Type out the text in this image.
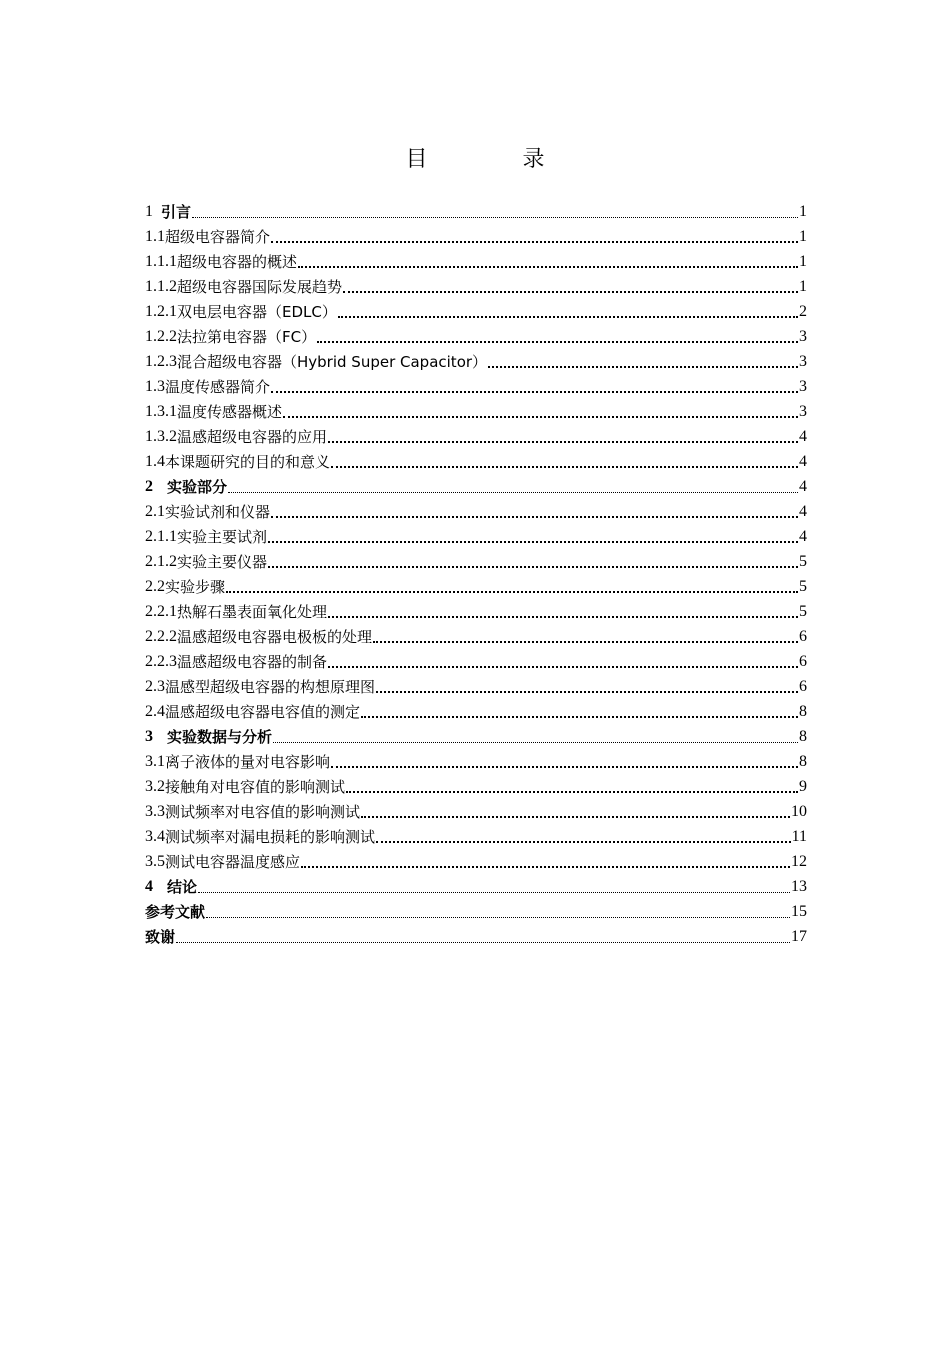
目 录
1 引言	1
1.1 超级电容器简介	1
1.1.1 超级电容器的概述	1
1.1.2 超级电容器国际发展趋势	1
1.2.1 双电层电容器（EDLC）	2
1.2.2 法拉第电容器（FC）	3
1.2.3 混合超级电容器（Hybrid Super Capacitor）	3
1.3 温度传感器简介	3
1.3.1 温度传感器概述	3
1.3.2 温感超级电容器的应用	4
1.4 本课题研究的目的和意义	4
2 实验部分	4
2.1 实验试剂和仪器	4
2.1.1 实验主要试剂	4
2.1.2 实验主要仪器	5
2.2 实验步骤	5
2.2.1 热解石墨表面氧化处理	5
2.2.2 温感超级电容器电极板的处理	6
2.2.3 温感超级电容器的制备	6
2.3 温感型超级电容器的构想原理图	6
2.4 温感超级电容器电容值的测定	8
3 实验数据与分析	8
3.1 离子液体的量对电容影响	8
3.2 接触角对电容值的影响测试	9
3.3 测试频率对电容值的影响测试	10
3.4 测试频率对漏电损耗的影响测试	11
3.5 测试电容器温度感应	12
4 结论	13
参考文献	15
致谢	17
